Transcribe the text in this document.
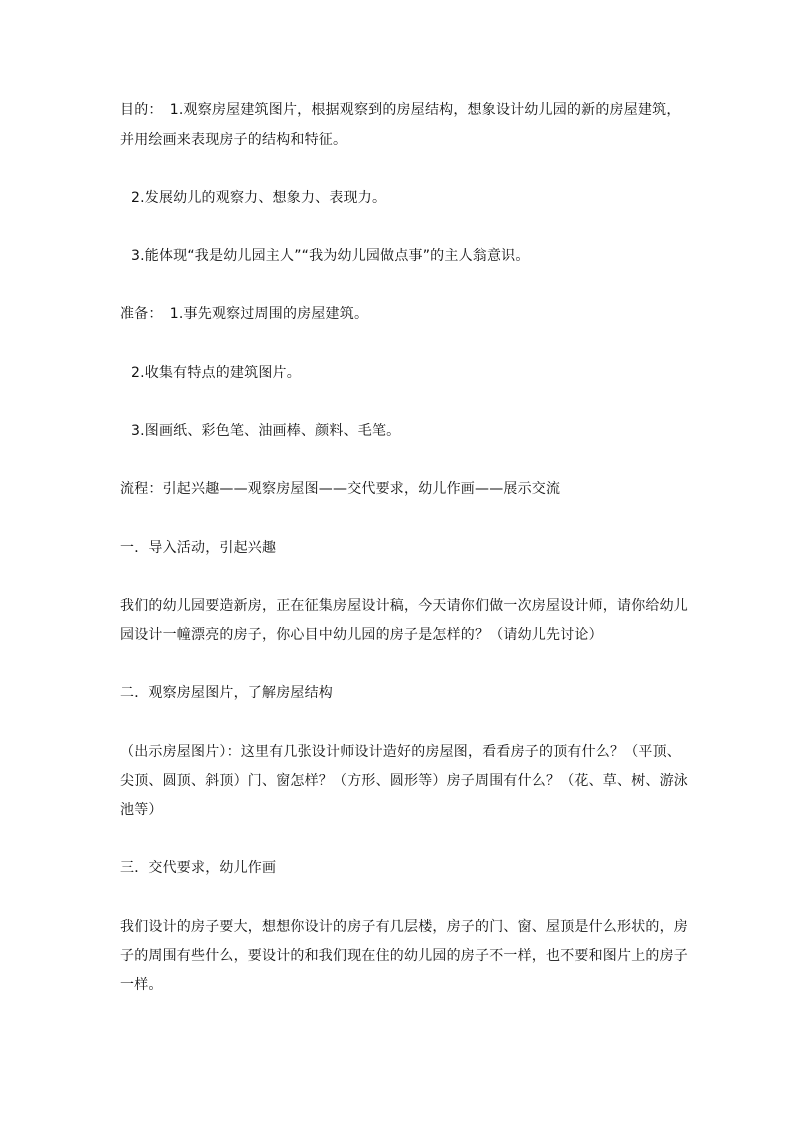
目的：　1.观察房屋建筑图片，根据观察到的房屋结构，想象设计幼儿园的新的房屋建筑，
并用绘画来表现房子的结构和特征。
2.发展幼儿的观察力、想象力、表现力。
3.能体现“我是幼儿园主人”“我为幼儿园做点事”的主人翁意识。
准备：　1.事先观察过周围的房屋建筑。
2.收集有特点的建筑图片。
3.图画纸、彩色笔、油画棒、颜料、毛笔。
流程：引起兴趣——观察房屋图——交代要求，幼儿作画——展示交流
一．导入活动，引起兴趣
我们的幼儿园要造新房，正在征集房屋设计稿，今天请你们做一次房屋设计师，请你给幼儿
园设计一幢漂亮的房子，你心目中幼儿园的房子是怎样的？（请幼儿先讨论）
二．观察房屋图片，了解房屋结构
（出示房屋图片）：这里有几张设计师设计造好的房屋图，看看房子的顶有什么？（平顶、
尖顶、圆顶、斜顶）门、窗怎样？（方形、圆形等）房子周围有什么？（花、草、树、游泳
池等）
三．交代要求，幼儿作画
我们设计的房子要大，想想你设计的房子有几层楼，房子的门、窗、屋顶是什么形状的，房
子的周围有些什么，要设计的和我们现在住的幼儿园的房子不一样，也不要和图片上的房子
一样。
